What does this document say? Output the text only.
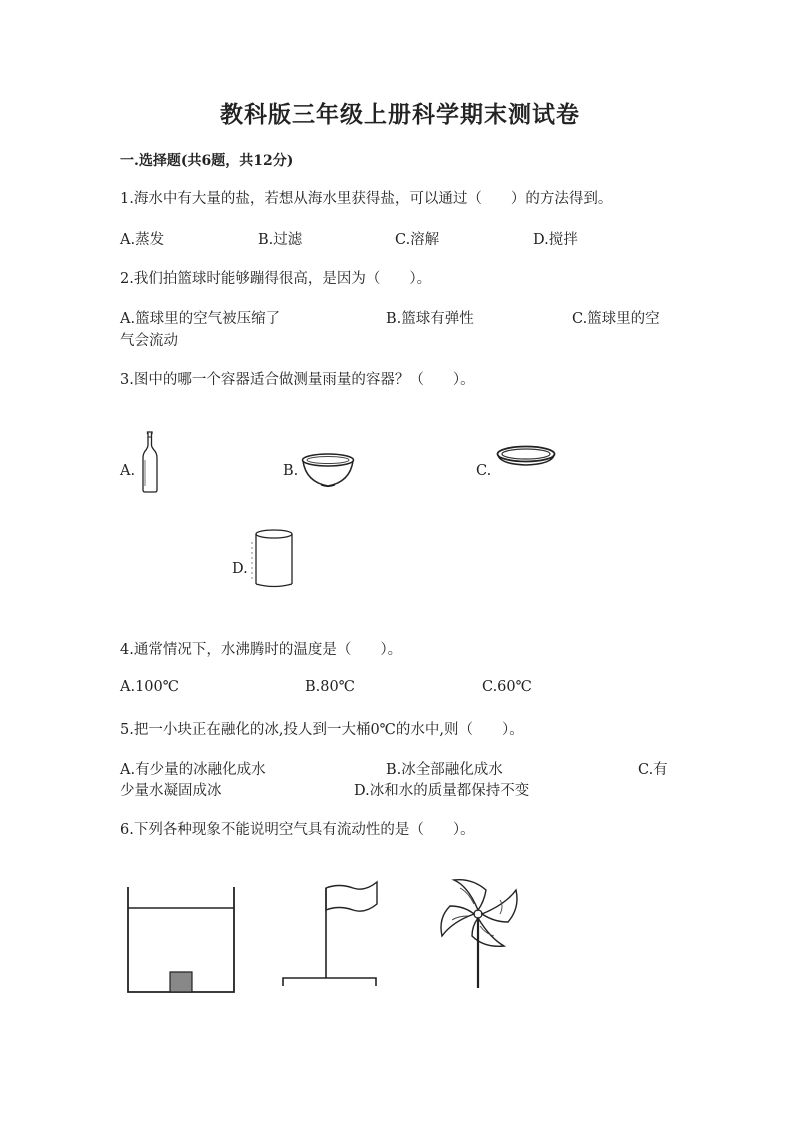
教科版三年级上册科学期末测试卷
一.选择题(共6题，共12分)
1.海水中有大量的盐，若想从海水里获得盐，可以通过（　　）的方法得到。
A.蒸发	B.过滤	C.溶解	D.搅拌
2.我们拍篮球时能够蹦得很高，是因为（　　）。
A.篮球里的空气被压缩了	B.篮球有弹性	C.篮球里的空
气会流动
3.图中的哪一个容器适合做测量雨量的容器？（　　）。
A.	B.	C.
D.
4.通常情况下，水沸腾时的温度是（　　）。
A.100℃	B.80℃	C.60℃
5.把一小块正在融化的冰,投人到一大桶0℃的水中,则（　　）。
A.有少量的冰融化成水	B.冰全部融化成水	C.有
少量水凝固成冰	D.冰和水的质量都保持不变
6.下列各种现象不能说明空气具有流动性的是（　　）。
